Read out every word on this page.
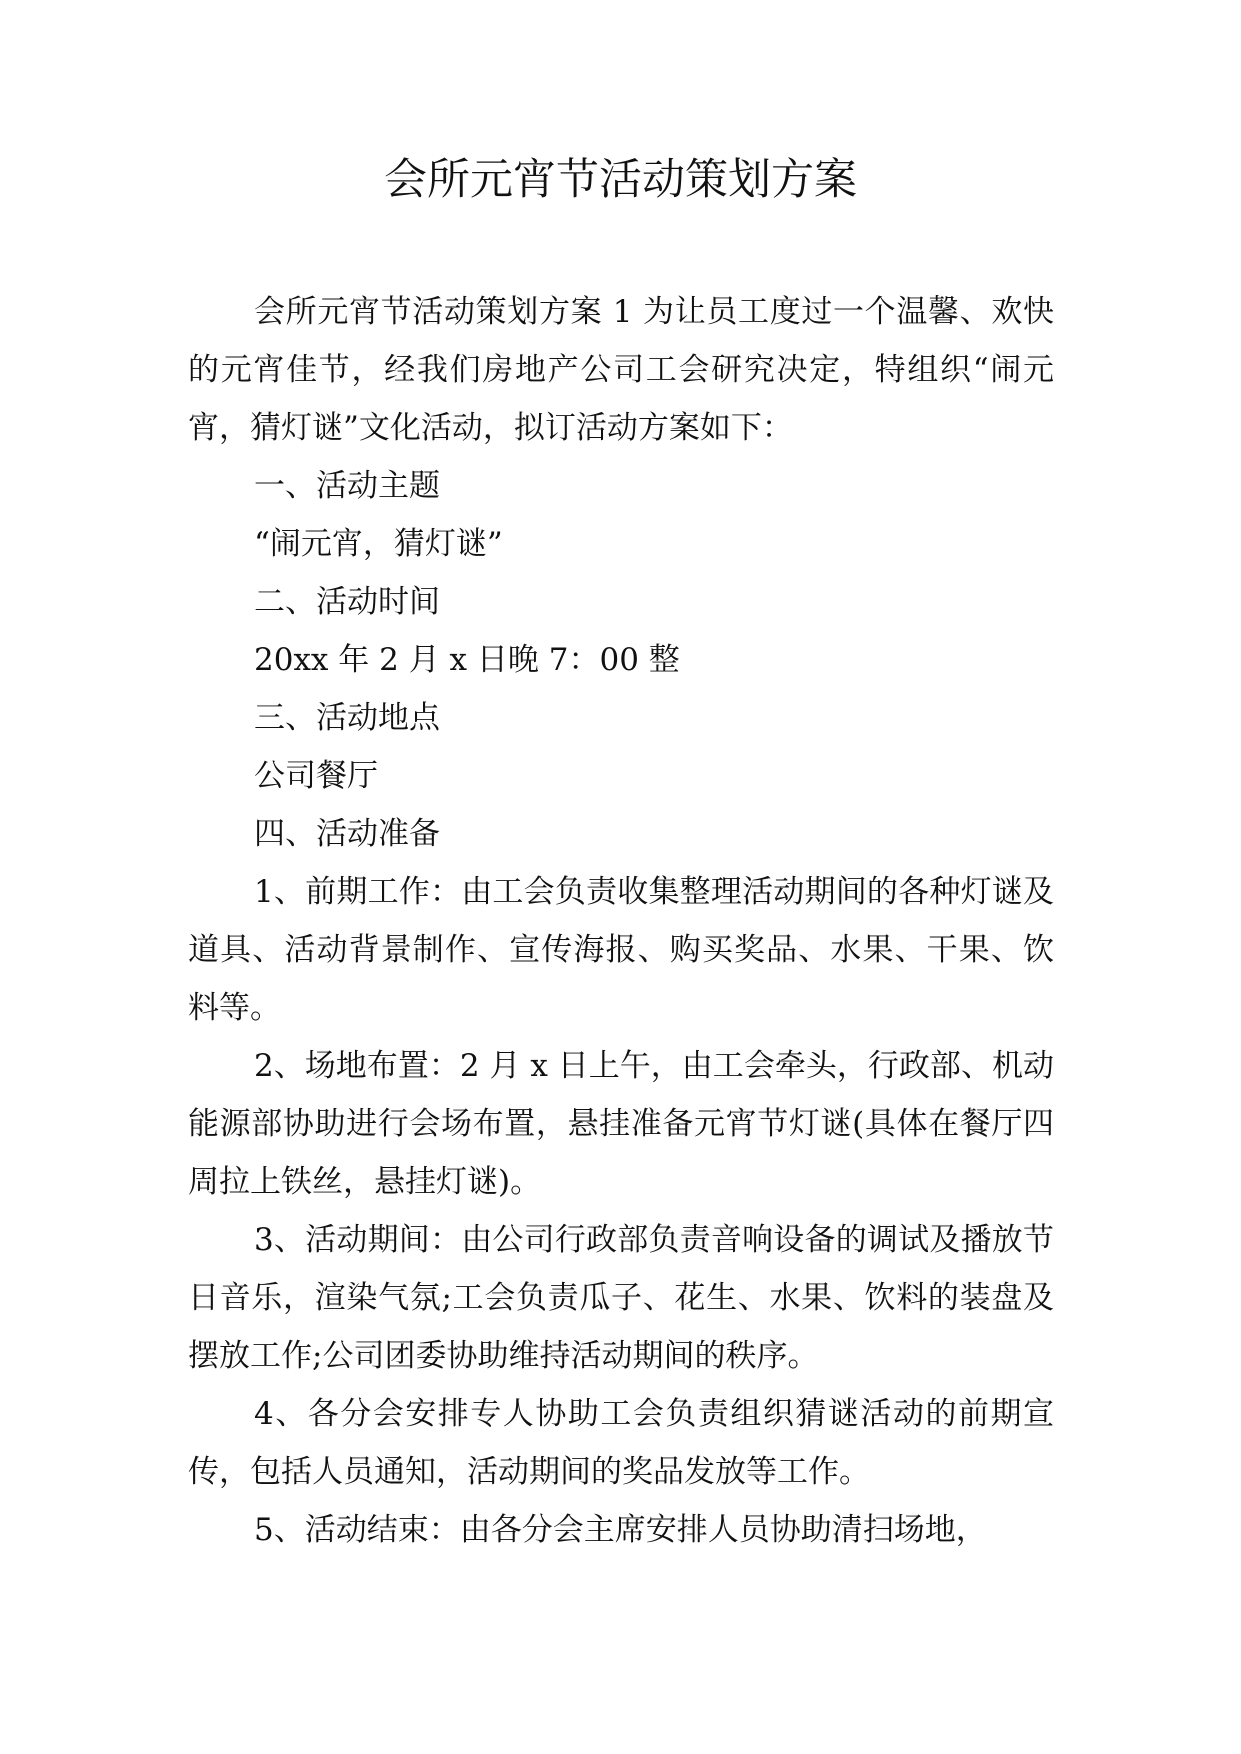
会所元宵节活动策划方案

会所元宵节活动策划方案 1 为让员工度过一个温馨、欢快的元宵佳节，经我们房地产公司工会研究决定，特组织“闹元宵，猜灯谜”文化活动，拟订活动方案如下：

一、活动主题

“闹元宵，猜灯谜”

二、活动时间

20xx 年 2 月 x 日晚 7：00 整

三、活动地点

公司餐厅

四、活动准备

1、前期工作：由工会负责收集整理活动期间的各种灯谜及道具、活动背景制作、宣传海报、购买奖品、水果、干果、饮料等。

2、场地布置：2 月 x 日上午，由工会牵头，行政部、机动能源部协助进行会场布置，悬挂准备元宵节灯谜(具体在餐厅四周拉上铁丝，悬挂灯谜)。

3、活动期间：由公司行政部负责音响设备的调试及播放节日音乐，渲染气氛;工会负责瓜子、花生、水果、饮料的装盘及摆放工作;公司团委协助维持活动期间的秩序。

4、各分会安排专人协助工会负责组织猜谜活动的前期宣传，包括人员通知，活动期间的奖品发放等工作。

5、活动结束：由各分会主席安排人员协助清扫场地，
